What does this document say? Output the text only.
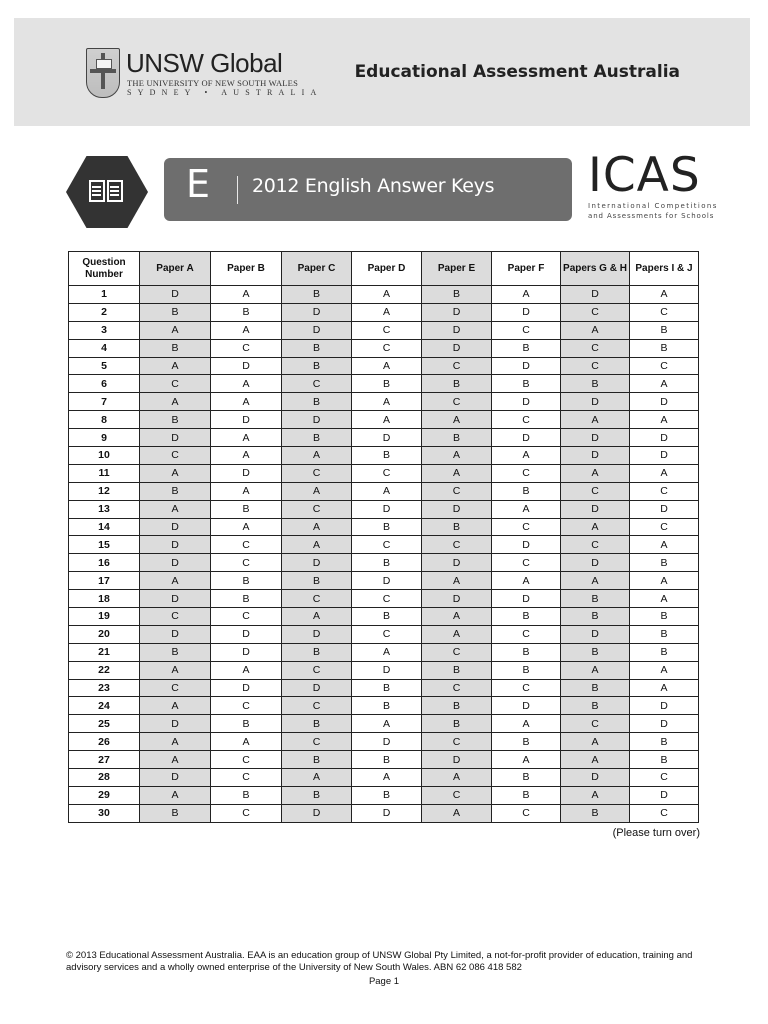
UNSW Global
THE UNIVERSITY OF NEW SOUTH WALES
SYDNEY • AUSTRALIA
Educational Assessment Australia
E 2012 English Answer Keys ICAS
International Competitions
and Assessments for Schools
Question Number	Paper A	Paper B	Paper C	Paper D	Paper E	Paper F	Papers G & H	Papers I & J
1	D	A	B	A	B	A	D	A
2	B	B	D	A	D	D	C	C
3	A	A	D	C	D	C	A	B
4	B	C	B	C	D	B	C	B
5	A	D	B	A	C	D	C	C
6	C	A	C	B	B	B	B	A
7	A	A	B	A	C	D	D	D
8	B	D	D	A	A	C	A	A
9	D	A	B	D	B	D	D	D
10	C	A	A	B	A	A	D	D
11	A	D	C	C	A	C	A	A
12	B	A	A	A	C	B	C	C
13	A	B	C	D	D	A	D	D
14	D	A	A	B	B	C	A	C
15	D	C	A	C	C	D	C	A
16	D	C	D	B	D	C	D	B
17	A	B	B	D	A	A	A	A
18	D	B	C	C	D	D	B	A
19	C	C	A	B	A	B	B	B
20	D	D	D	C	A	C	D	B
21	B	D	B	A	C	B	B	B
22	A	A	C	D	B	B	A	A
23	C	D	D	B	C	C	B	A
24	A	C	C	B	B	D	B	D
25	D	B	B	A	B	A	C	D
26	A	A	C	D	C	B	A	B
27	A	C	B	B	D	A	A	B
28	D	C	A	A	A	B	D	C
29	A	B	B	B	C	B	A	D
30	B	C	D	D	A	C	B	C
(Please turn over)
© 2013 Educational Assessment Australia. EAA is an education group of UNSW Global Pty Limited, a not-for-profit provider of education, training and advisory services and a wholly owned enterprise of the University of New South Wales. ABN 62 086 418 582
Page 1
